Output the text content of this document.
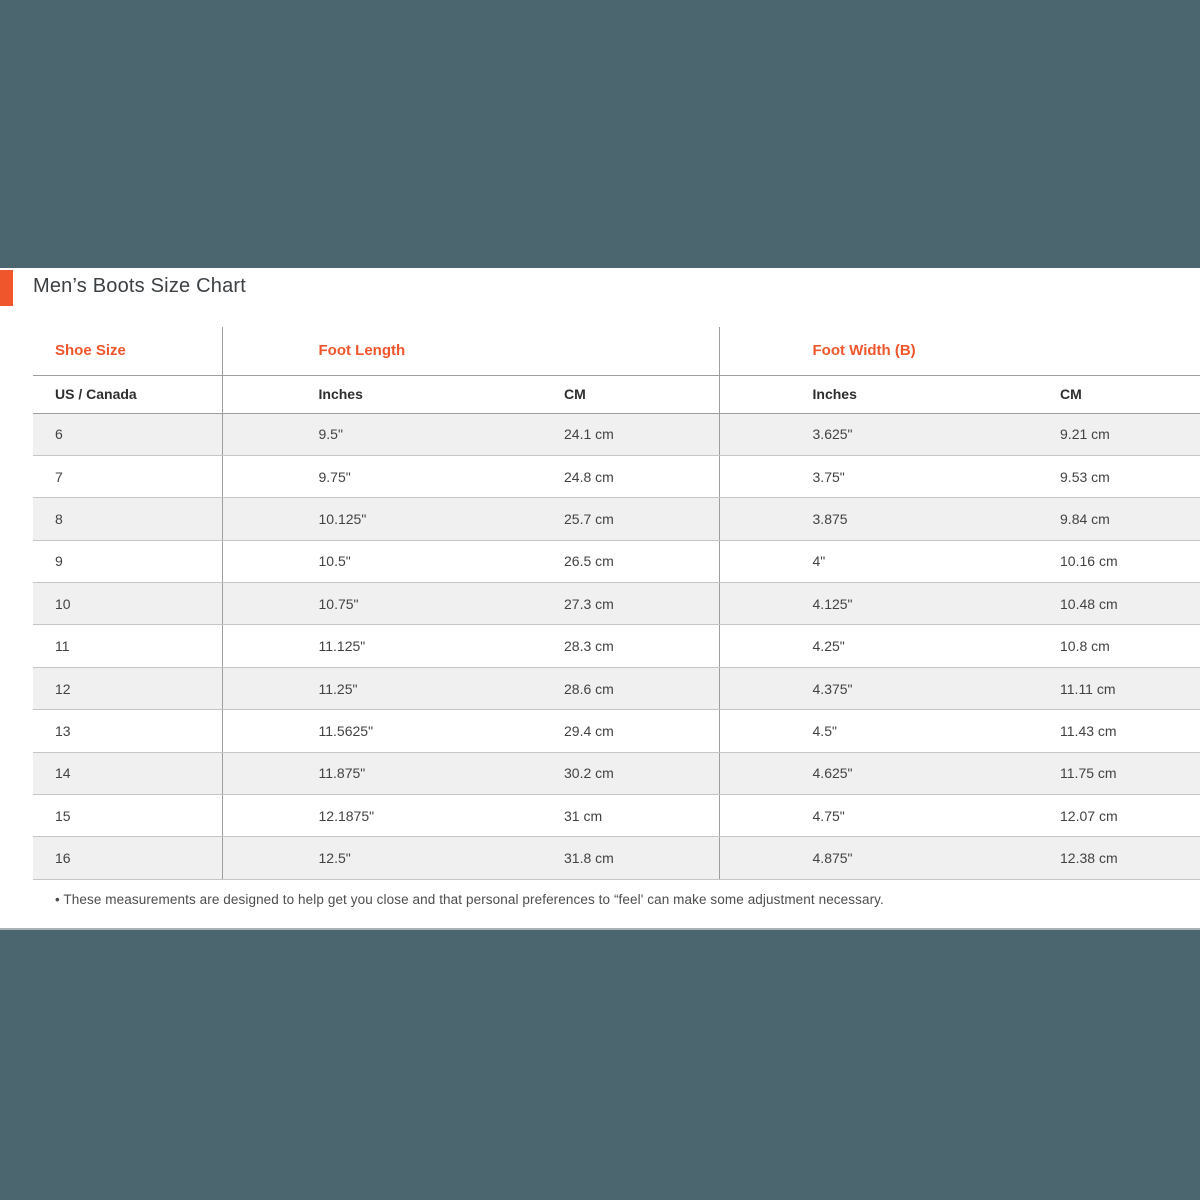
Men’s Boots Size Chart
Shoe Size	Foot Length		Foot Width (B)	
US / Canada	Inches	CM	Inches	CM
6	9.5"	24.1 cm	3.625"	9.21 cm
7	9.75"	24.8 cm	3.75"	9.53 cm
8	10.125"	25.7 cm	3.875	9.84 cm
9	10.5"	26.5 cm	4"	10.16 cm
10	10.75"	27.3 cm	4.125"	10.48 cm
11	11.125"	28.3 cm	4.25"	10.8 cm
12	11.25"	28.6 cm	4.375"	11.11 cm
13	11.5625"	29.4 cm	4.5"	11.43 cm
14	11.875"	30.2 cm	4.625"	11.75 cm
15	12.1875"	31 cm	4.75"	12.07 cm
16	12.5"	31.8 cm	4.875"	12.38 cm

• These measurements are designed to help get you close and that personal preferences to “feel' can make some adjustment necessary.
